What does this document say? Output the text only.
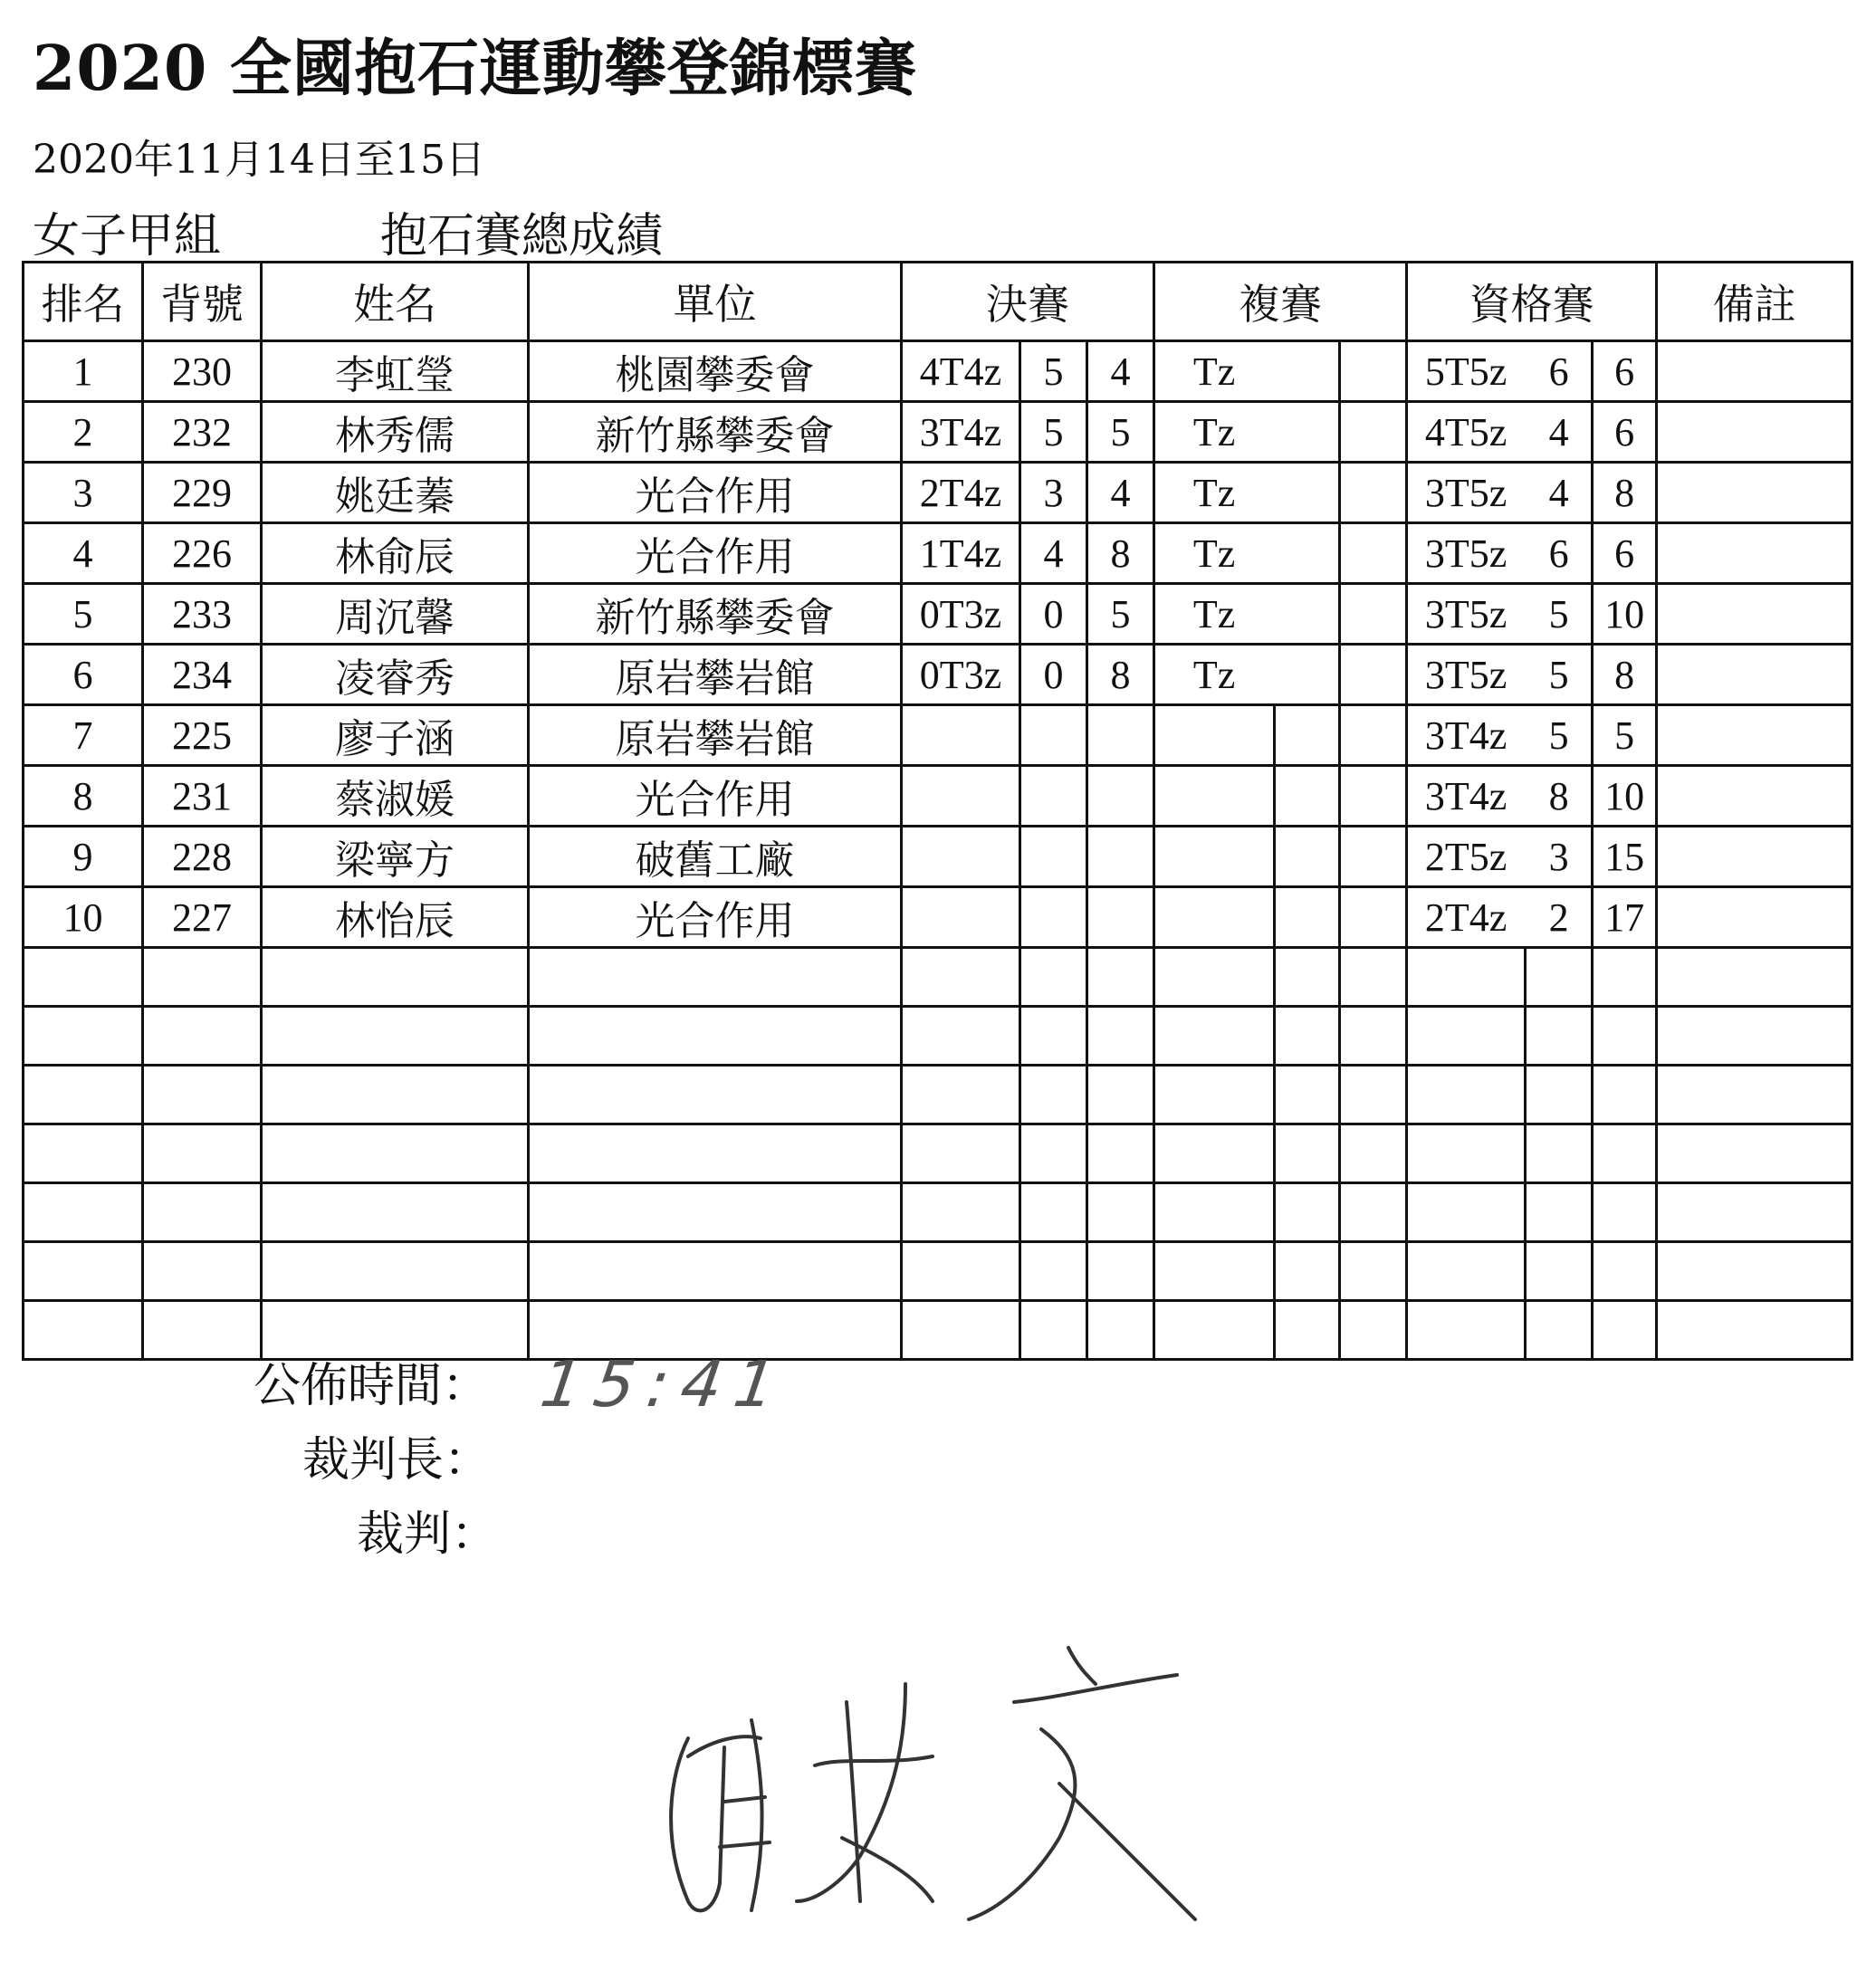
2020 全國抱石運動攀登錦標賽
2020年11月14日至15日
女子甲組	抱石賽總成績
排名	背號	姓名	單位	決賽			複賽			資格賽			備註
1	230	李虹瑩	桃園攀委會	4T4z	5	4	Tz			5T5z	6	6	
2	232	林秀儒	新竹縣攀委會	3T4z	5	5	Tz			4T5z	4	6	
3	229	姚廷蓁	光合作用	2T4z	3	4	Tz			3T5z	4	8	
4	226	林俞辰	光合作用	1T4z	4	8	Tz			3T5z	6	6	
5	233	周沉馨	新竹縣攀委會	0T3z	0	5	Tz			3T5z	5	10	
6	234	凌睿秀	原岩攀岩館	0T3z	0	8	Tz			3T5z	5	8	
7	225	廖子涵	原岩攀岩館							3T4z	5	5	
8	231	蔡淑媛	光合作用							3T4z	8	10	
9	228	梁寧方	破舊工廠							2T5z	3	15	
10	227	林怡辰	光合作用							2T4z	2	17	

公佈時間： 15:41
裁判長：
裁判：
